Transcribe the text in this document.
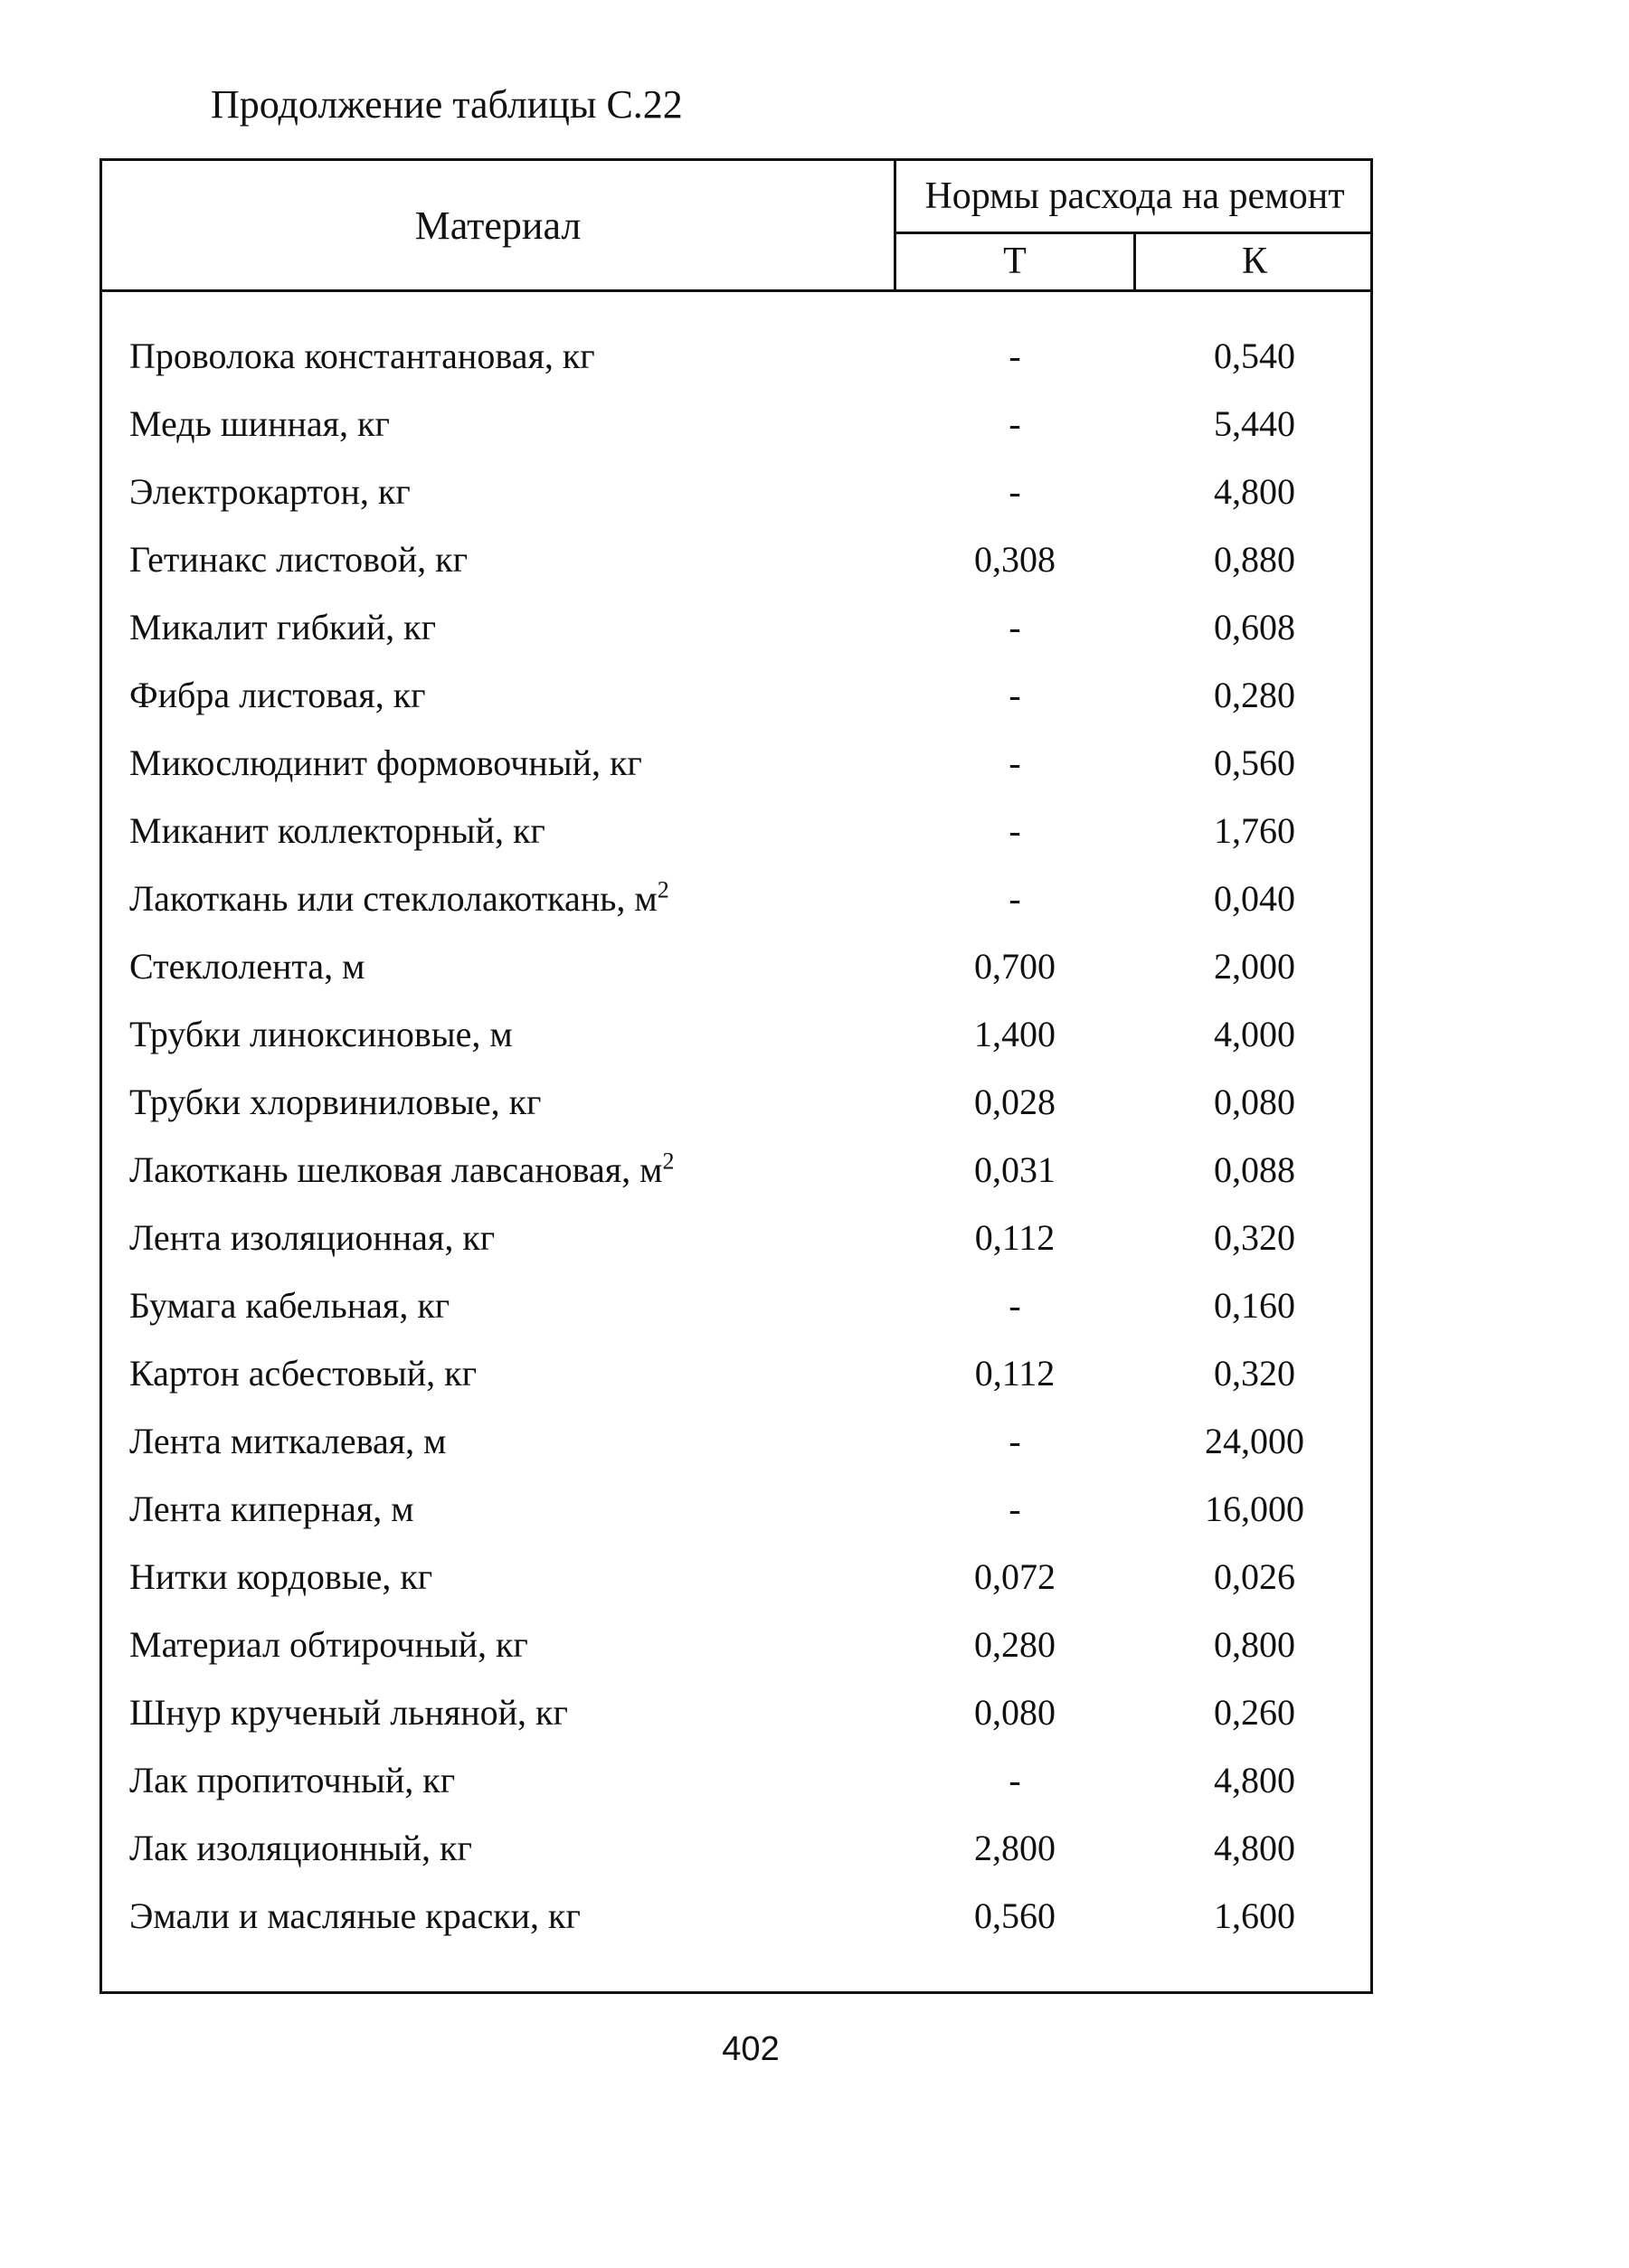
Продолжение таблицы С.22
Материал
Нормы расхода на ремонт
Т	К
Проволока константановая, кг	-	0,540
Медь шинная, кг	-	5,440
Электрокартон, кг	-	4,800
Гетинакс листовой, кг	0,308	0,880
Микалит гибкий, кг	-	0,608
Фибра листовая, кг	-	0,280
Микослюдинит формовочный, кг	-	0,560
Миканит коллекторный, кг	-	1,760
Лакоткань или стеклолакоткань, $м^2$	-	0,040
Стеклолента, м	0,700	2,000
Трубки линоксиновые, м	1,400	4,000
Трубки хлорвиниловые, кг	0,028	0,080
Лакоткань шелковая лавсановая, $м^2$	0,031	0,088
Лента изоляционная, кг	0,112	0,320
Бумага кабельная, кг	-	0,160
Картон асбестовый, кг	0,112	0,320
Лента миткалевая, м	-	24,000
Лента киперная, м	-	16,000
Нитки кордовые, кг	0,072	0,026
Материал обтирочный, кг	0,280	0,800
Шнур крученый льняной, кг	0,080	0,260
Лак пропиточный, кг	-	4,800
Лак изоляционный, кг	2,800	4,800
Эмали и масляные краски, кг	0,560	1,600
402
